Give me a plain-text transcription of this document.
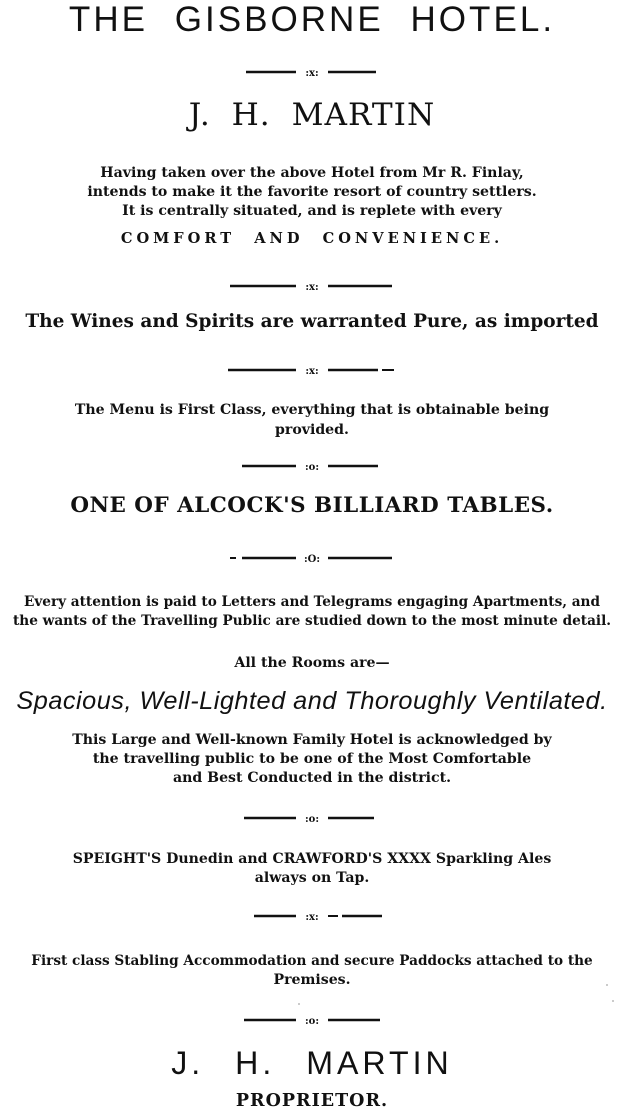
THE GISBORNE HOTEL.
:x:
J. H. MARTIN
Having taken over the above Hotel from Mr R. Finlay,
intends to make it the favorite resort of country settlers.
It is centrally situated, and is replete with every
COMFORT AND CONVENIENCE.
:x:
The Wines and Spirits are warranted Pure, as imported
:x:
The Menu is First Class, everything that is obtainable being
provided.
:o:
ONE OF ALCOCK'S BILLIARD TABLES.
:O:
Every attention is paid to Letters and Telegrams engaging Apartments, and
the wants of the Travelling Public are studied down to the most minute detail.
All the Rooms are—
Spacious, Well-Lighted and Thoroughly Ventilated.
This Large and Well-known Family Hotel is acknowledged by
the travelling public to be one of the Most Comfortable
and Best Conducted in the district.
:o:
SPEIGHT'S Dunedin and CRAWFORD'S XXXX Sparkling Ales
always on Tap.
:x:
First class Stabling Accommodation and secure Paddocks attached to the
Premises.
:o:
J. H. MARTIN
PROPRIETOR.
